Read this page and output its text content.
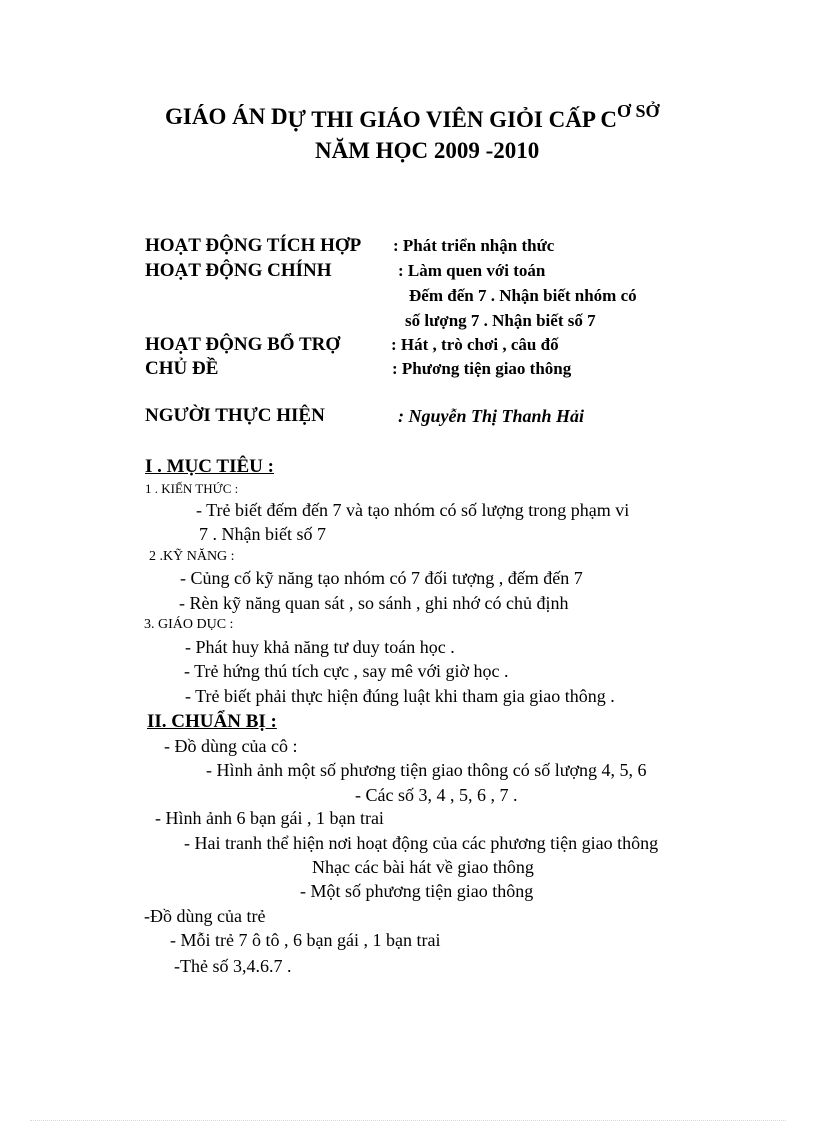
GIÁO ÁN DỰ THI GIÁO VIÊN GIỎI CẤP $C^{Ơ SỞ}$
NĂM HỌC 2009 -2010
HOẠT ĐỘNG TÍCH HỢP : Phát triển nhận thức
HOẠT ĐỘNG CHÍNH	: Làm quen với toán
Đếm đến 7 . Nhận biết nhóm có
số lượng 7 . Nhận biết số 7
HOẠT ĐỘNG BỔ TRỢ	: Hát , trò chơi , câu đố
CHỦ ĐỀ	: Phương tiện giao thông
NGƯỜI THỰC HIỆN	: Nguyễn Thị Thanh Hải
I . MỤC TIÊU :
1 . KIẾN THỨC :
- Trẻ biết đếm đến 7 và tạo nhóm có số lượng trong phạm vi
7 . Nhận biết số 7
2 .KỸ NĂNG :
- Củng cố kỹ năng tạo nhóm có 7 đối tượng , đếm đến 7
- Rèn kỹ năng quan sát , so sánh , ghi nhớ có chủ định
3. GIÁO DỤC :
- Phát huy khả năng tư duy toán học .
- Trẻ hứng thú tích cực , say mê với giờ học .
- Trẻ biết phải thực hiện đúng luật khi tham gia giao thông .
II. CHUẨN BỊ :
- Đồ dùng của cô :
- Hình ảnh một số phương tiện giao thông có số lượng 4, 5, 6
- Các số 3, 4 , 5, 6 , 7 .
- Hình ảnh 6 bạn gái , 1 bạn trai
- Hai tranh thể hiện nơi hoạt động của các phương tiện giao thông
Nhạc các bài hát về giao thông
- Một số phương tiện giao thông
-Đồ dùng của trẻ
- Mỗi trẻ 7 ô tô , 6 bạn gái , 1 bạn trai
-Thẻ số 3,4.6.7 .
